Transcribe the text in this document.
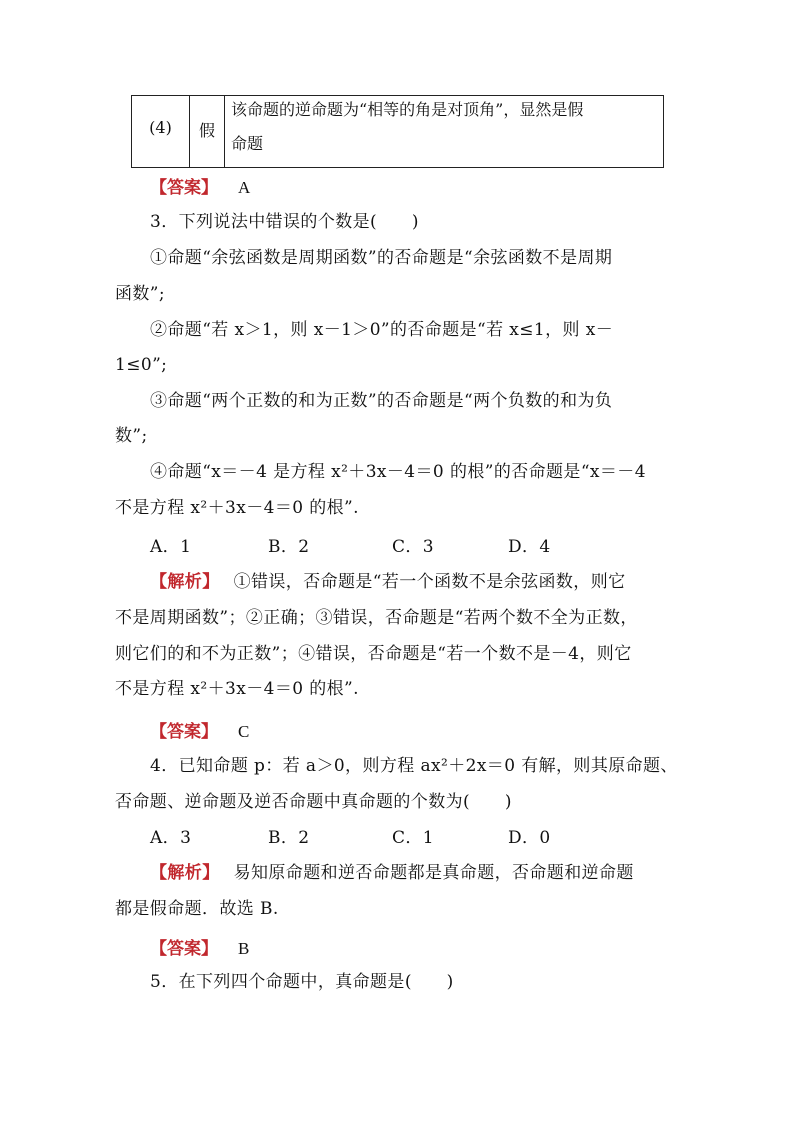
(4)	假
该命题的逆命题为“相等的角是对顶角”，显然是假
命题
【答案】 A
3．下列说法中错误的个数是(　　)
①命题“余弦函数是周期函数”的否命题是“余弦函数不是周期
函数”;
②命题“若 x＞1，则 x－1＞0”的否命题是“若 x≤1，则 x－
1≤0”;
③命题“两个正数的和为正数”的否命题是“两个负数的和为负
数”;
④命题“x＝－4 是方程 x²＋3x－4＝0 的根”的否命题是“x＝－4
不是方程 x²＋3x－4＝0 的根”.
A．1	B．2	C．3	D．4
【解析】 ①错误，否命题是“若一个函数不是余弦函数，则它
不是周期函数”；②正确；③错误，否命题是“若两个数不全为正数，
则它们的和不为正数”；④错误，否命题是“若一个数不是－4，则它
不是方程 x²＋3x－4＝0 的根”.
【答案】 C
4．已知命题 p：若 a＞0，则方程 ax²＋2x＝0 有解，则其原命题、
否命题、逆命题及逆否命题中真命题的个数为(　　)
A．3	B．2	C．1	D．0
【解析】 易知原命题和逆否命题都是真命题，否命题和逆命题
都是假命题．故选 B.
【答案】 B
5．在下列四个命题中，真命题是(　　)
